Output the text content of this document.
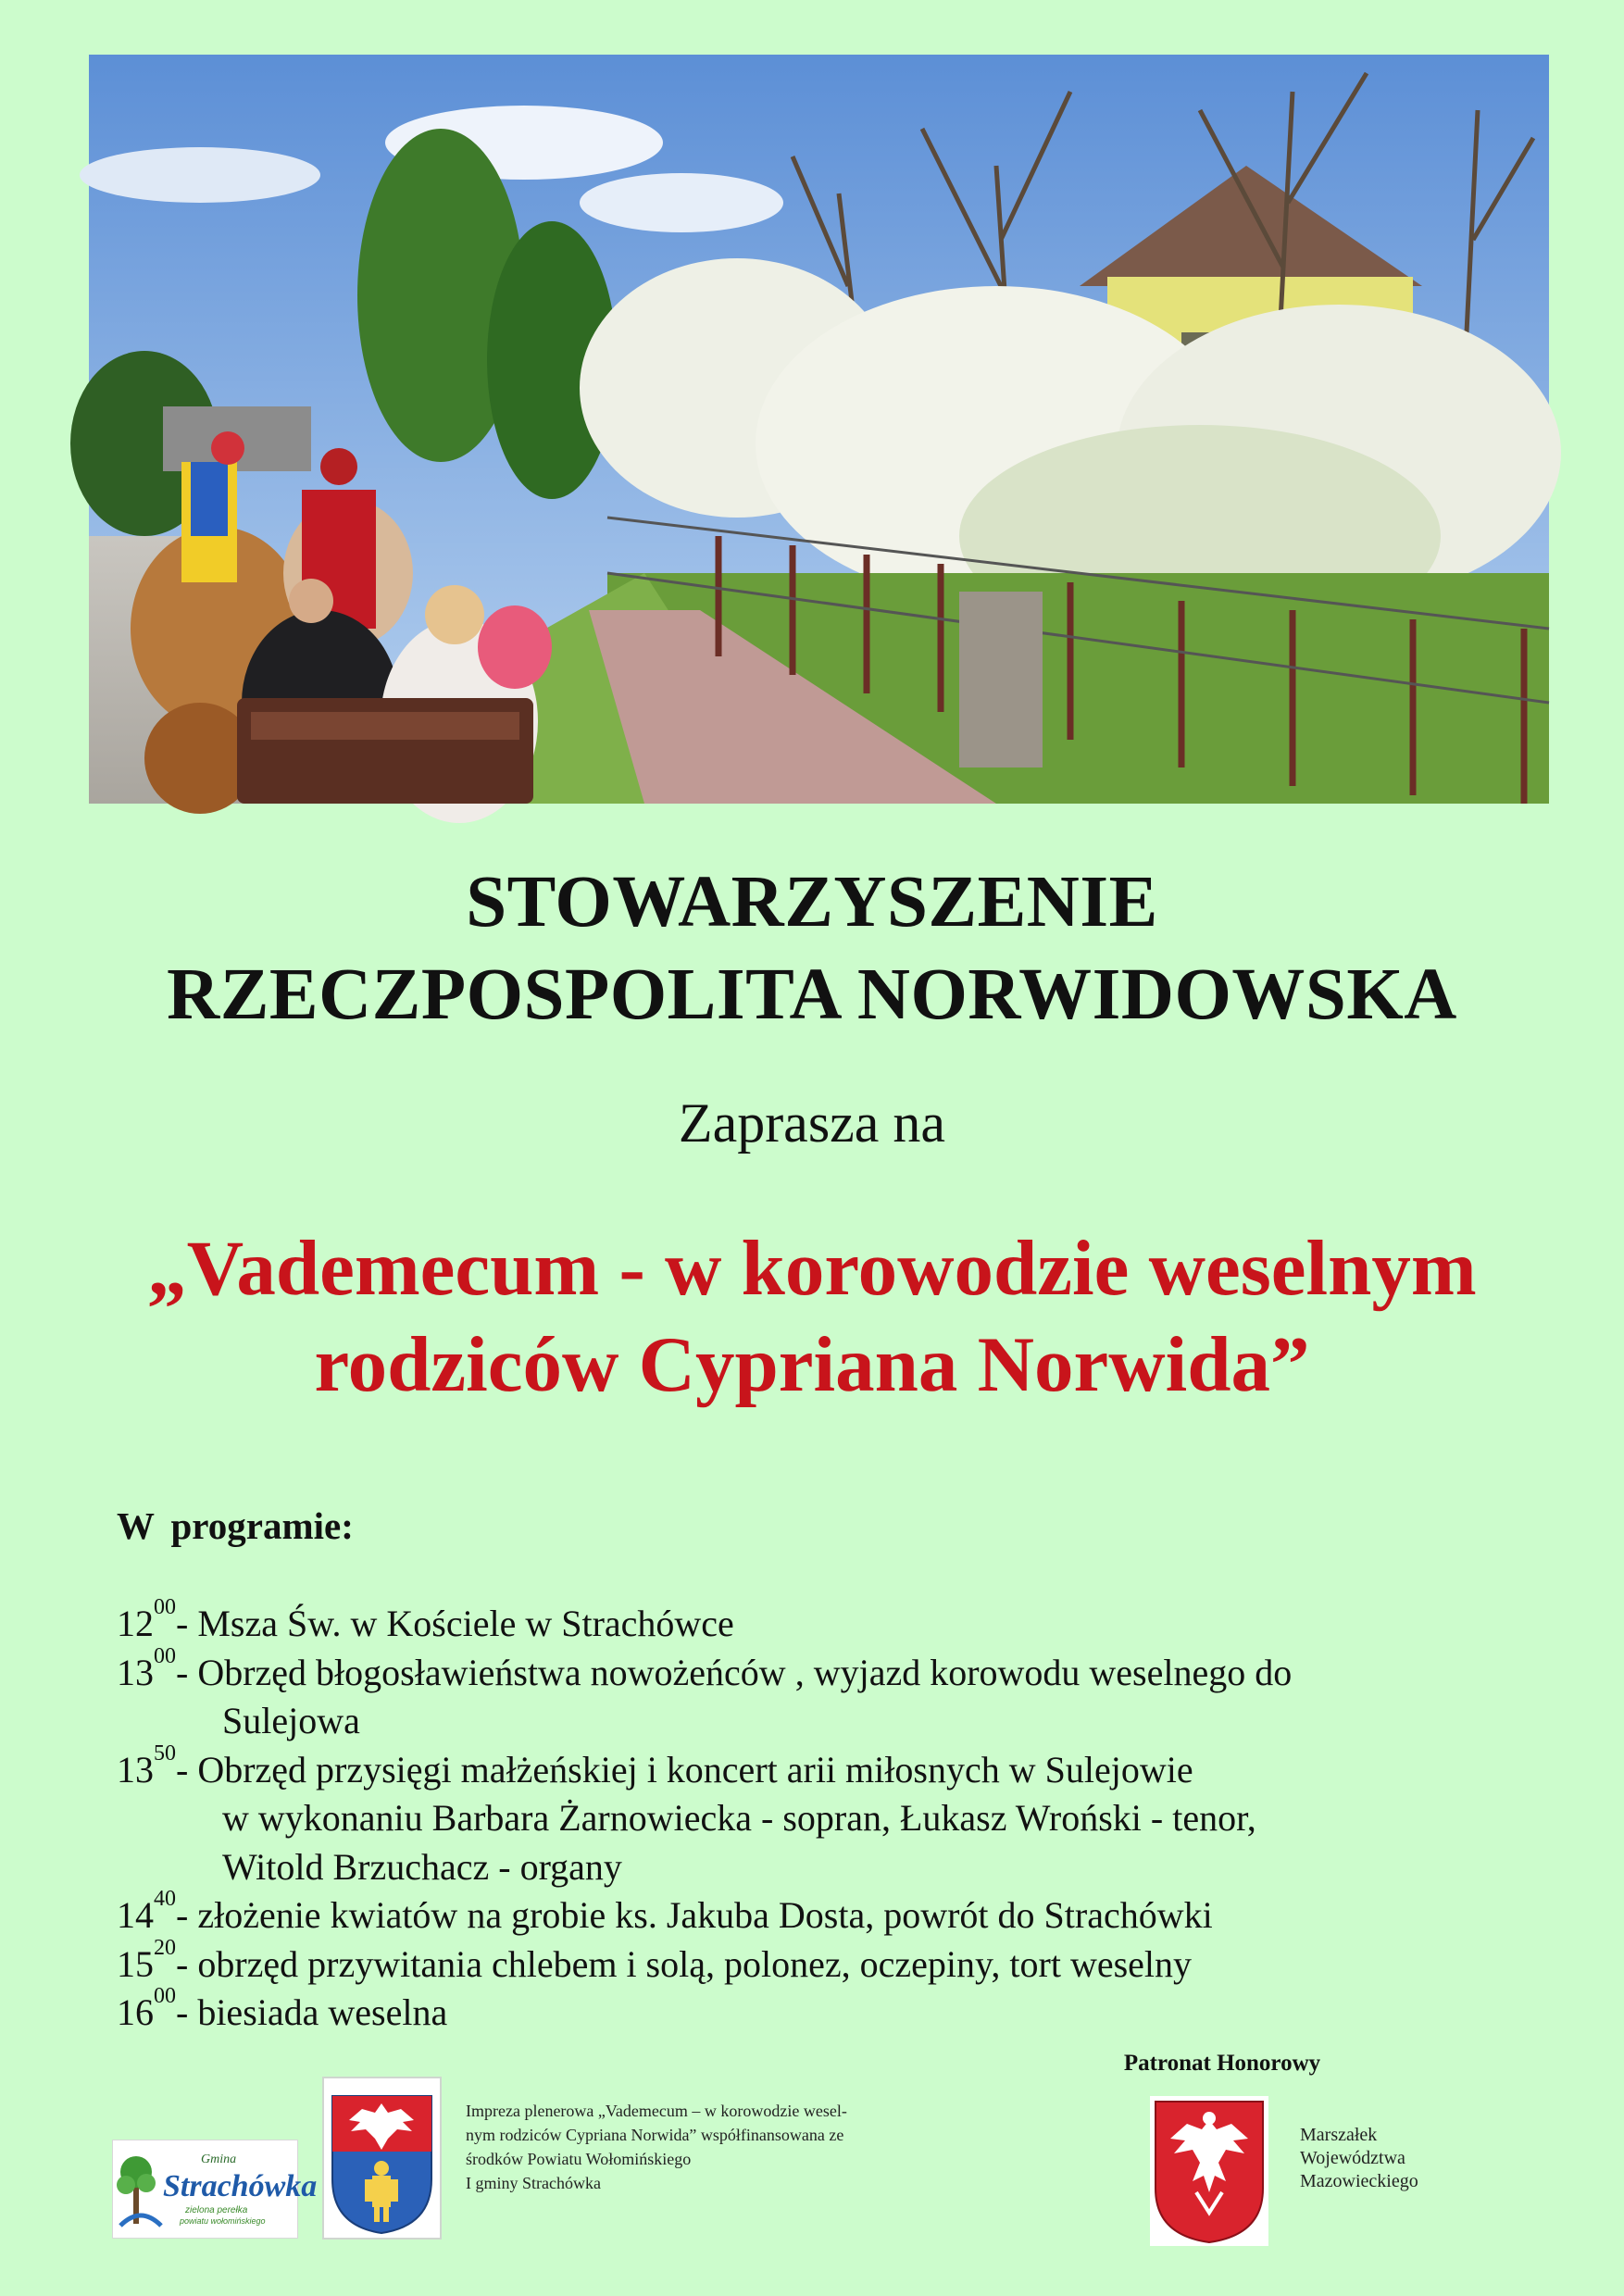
STOWARZYSZENIE
RZECZPOSPOLITA NORWIDOWSKA
Zaprasza na
„Vademecum - w korowodzie weselnym
rodziców Cypriana Norwida”
W programie:
$12^{00}$ - Msza Św. w Kościele w Strachówce
$13^{00}$ - Obrzęd błogosławieństwa nowożeńców , wyjazd korowodu weselnego do
Sulejowa
$13^{50}$ - Obrzęd przysięgi małżeńskiej i koncert arii miłosnych w Sulejowie
w wykonaniu Barbara Żarnowiecka - sopran, Łukasz Wroński - tenor,
Witold Brzuchacz - organy
$14^{40}$ - złożenie kwiatów na grobie ks. Jakuba Dosta, powrót do Strachówki
$15^{20}$ - obrzęd przywitania chlebem i solą, polonez, oczepiny, tort weselny
$16^{00}$ - biesiada weselna
Patronat Honorowy
Gmina
Strachówka
zielona perełka
powiatu wołomińskiego
Impreza plenerowa „Vademecum – w korowodzie wesel-
nym rodziców Cypriana Norwida” współfinansowana ze
środków Powiatu Wołomińskiego
I gminy Strachówka
Marszałek
Województwa
Mazowieckiego
